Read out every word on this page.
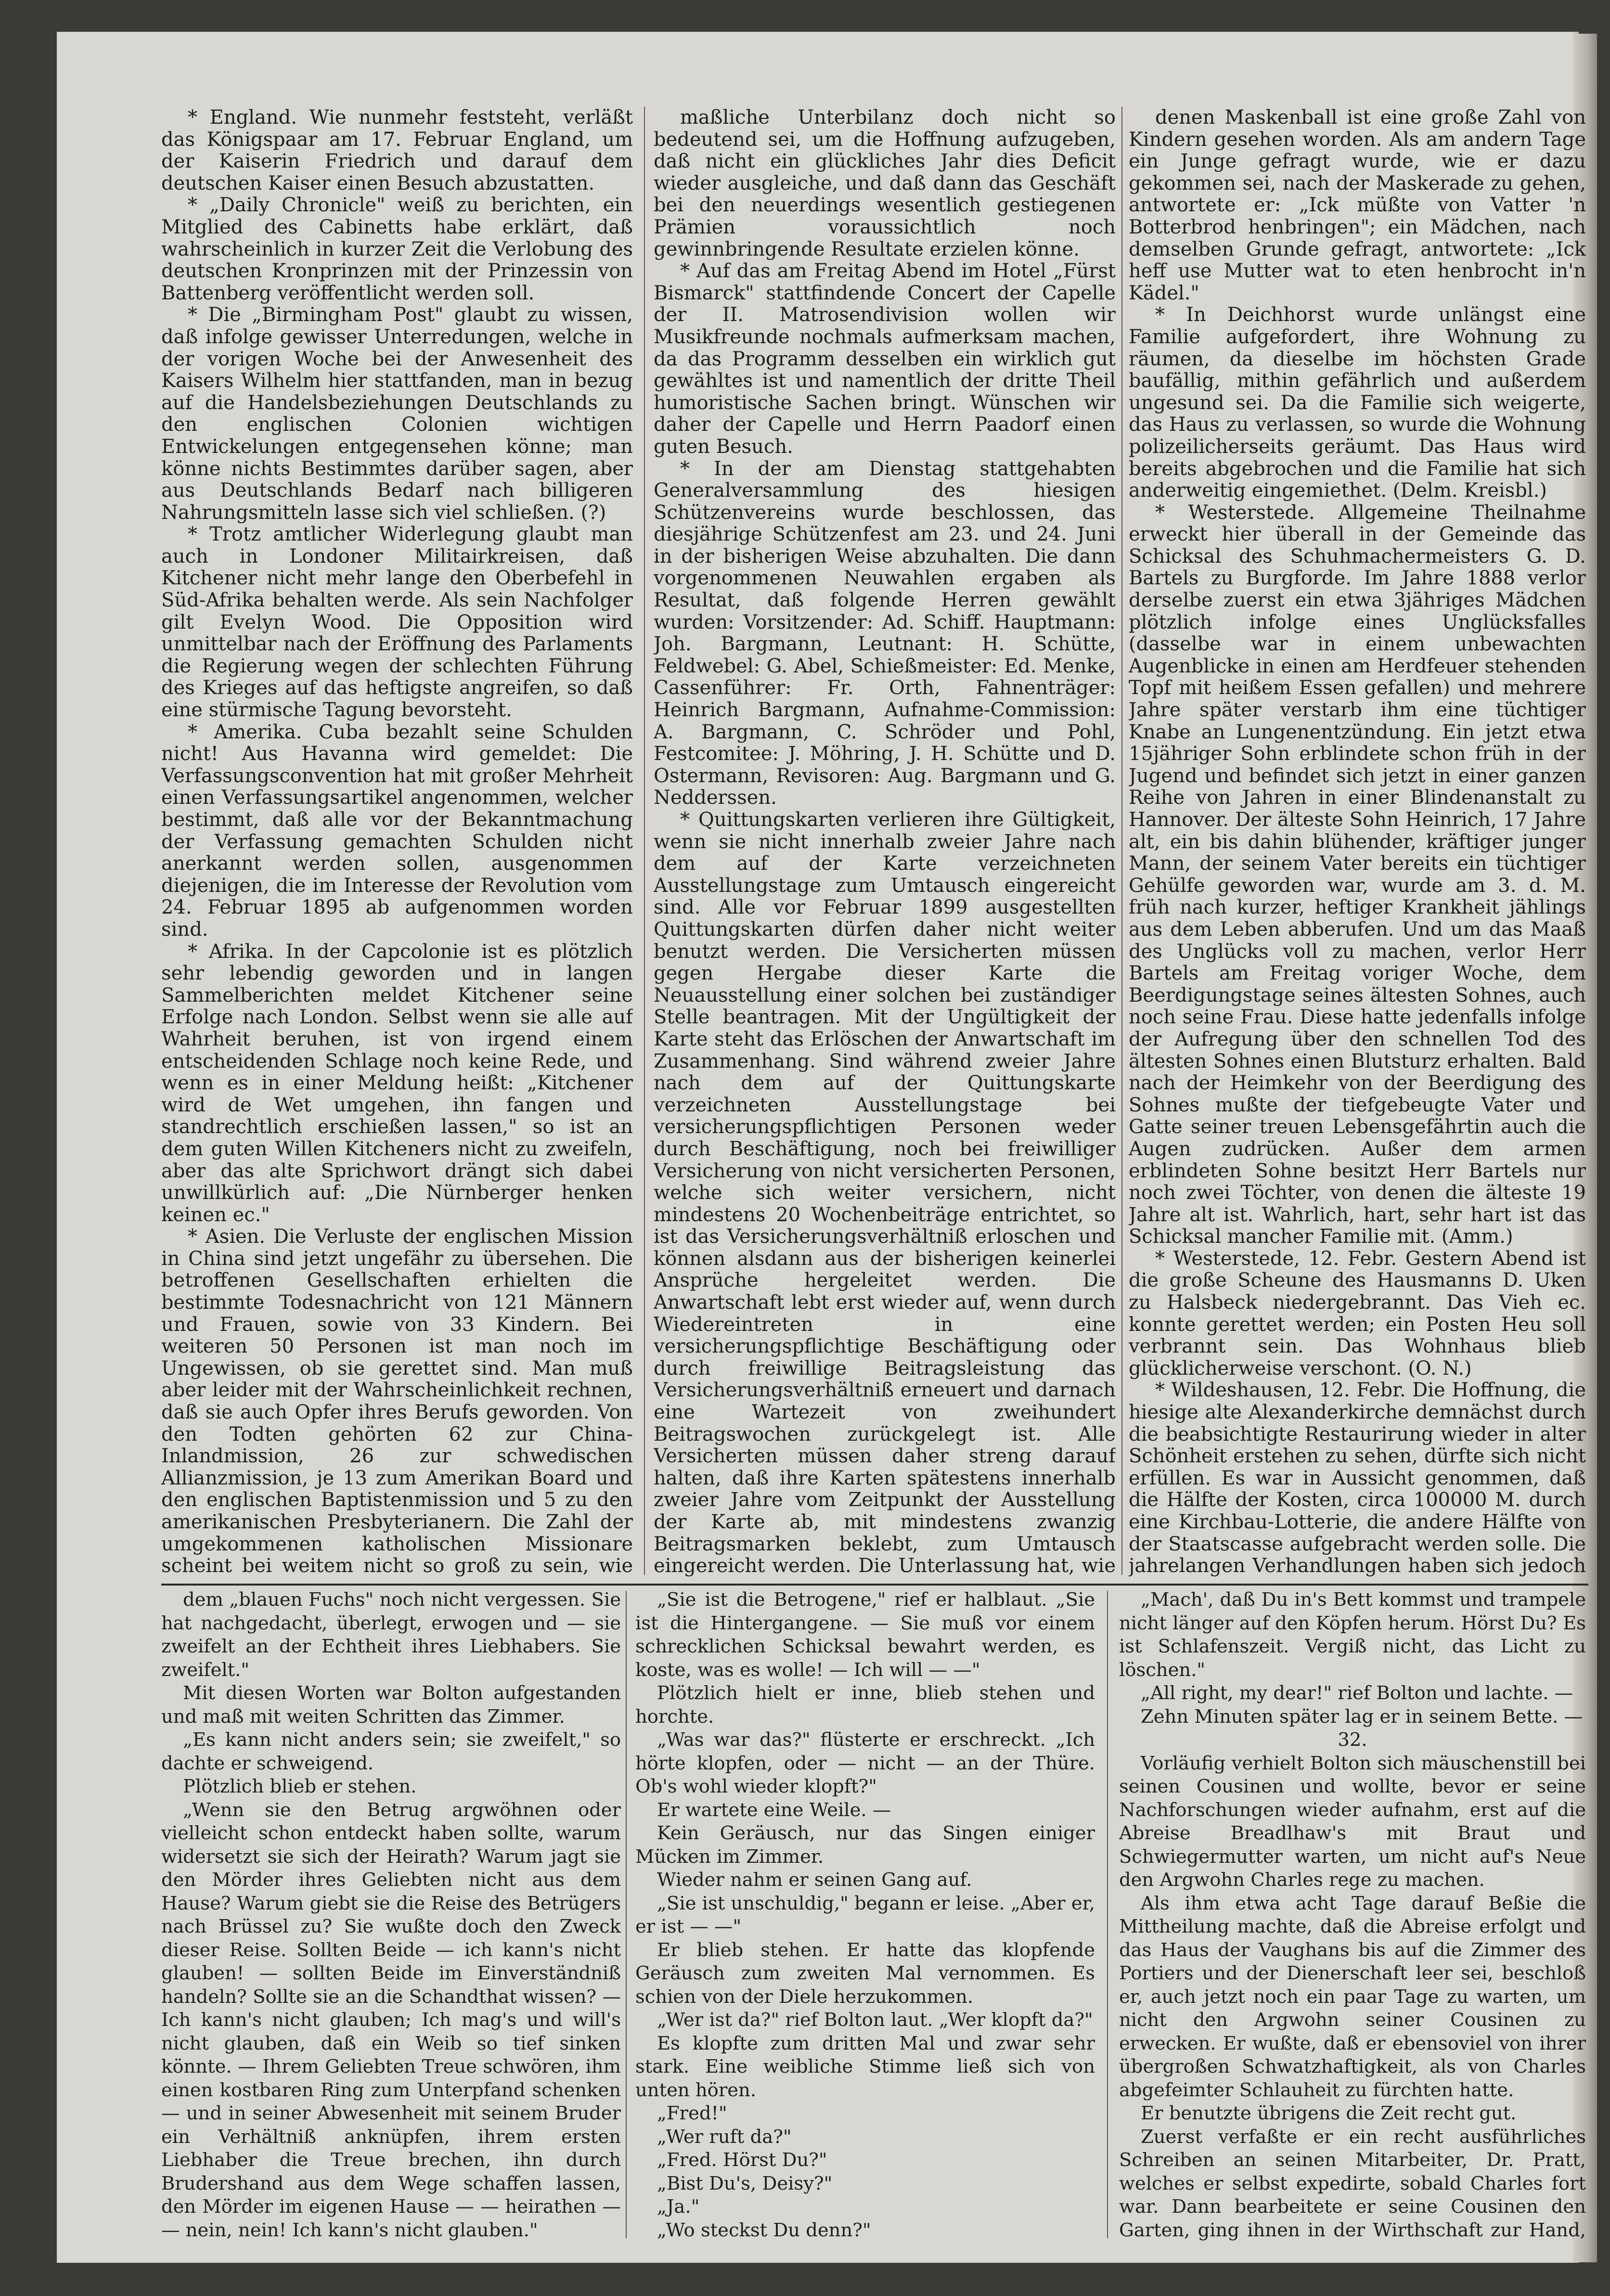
* England. Wie nunmehr feststeht, verläßt das Königspaar am 17. Februar England, um der Kaiserin Friedrich und darauf dem deutschen Kaiser einen Besuch abzustatten.

* „Daily Chronicle" weiß zu berichten, ein Mitglied des Cabinetts habe erklärt, daß wahrscheinlich in kurzer Zeit die Verlobung des deutschen Kronprinzen mit der Prinzessin von Battenberg veröffentlicht werden soll.

* Die „Birmingham Post" glaubt zu wissen, daß infolge gewisser Unterredungen, welche in der vorigen Woche bei der Anwesenheit des Kaisers Wilhelm hier stattfanden, man in bezug auf die Handelsbeziehungen Deutschlands zu den englischen Colonien wichtigen Entwickelungen entgegensehen könne; man könne nichts Bestimmtes darüber sagen, aber aus Deutschlands Bedarf nach billigeren Nahrungsmitteln lasse sich viel schließen. (?)

* Trotz amtlicher Widerlegung glaubt man auch in Londoner Militairkreisen, daß Kitchener nicht mehr lange den Oberbefehl in Süd-Afrika behalten werde. Als sein Nachfolger gilt Evelyn Wood. Die Opposition wird unmittelbar nach der Eröffnung des Parlaments die Regierung wegen der schlechten Führung des Krieges auf das heftigste angreifen, so daß eine stürmische Tagung bevorsteht.

* Amerika. Cuba bezahlt seine Schulden nicht! Aus Havanna wird gemeldet: Die Verfassungsconvention hat mit großer Mehrheit einen Verfassungsartikel angenommen, welcher bestimmt, daß alle vor der Bekanntmachung der Verfassung gemachten Schulden nicht anerkannt werden sollen, ausgenommen diejenigen, die im Interesse der Revolution vom 24. Februar 1895 ab aufgenommen worden sind.

* Afrika. In der Capcolonie ist es plötzlich sehr lebendig geworden und in langen Sammelberichten meldet Kitchener seine Erfolge nach London. Selbst wenn sie alle auf Wahrheit beruhen, ist von irgend einem entscheidenden Schlage noch keine Rede, und wenn es in einer Meldung heißt: „Kitchener wird de Wet umgehen, ihn fangen und standrechtlich erschießen lassen," so ist an dem guten Willen Kitcheners nicht zu zweifeln, aber das alte Sprichwort drängt sich dabei unwillkürlich auf: „Die Nürnberger henken keinen ec."

* Asien. Die Verluste der englischen Mission in China sind jetzt ungefähr zu übersehen. Die betroffenen Gesellschaften erhielten die bestimmte Todesnachricht von 121 Männern und Frauen, sowie von 33 Kindern. Bei weiteren 50 Personen ist man noch im Ungewissen, ob sie gerettet sind. Man muß aber leider mit der Wahrscheinlichkeit rechnen, daß sie auch Opfer ihres Berufs geworden. Von den Todten gehörten 62 zur China-Inlandmission, 26 zur schwedischen Allianzmission, je 13 zum Amerikan Board und den englischen Baptistenmission und 5 zu den amerikanischen Presbyterianern. Die Zahl der umgekommenen katholischen Missionare scheint bei weitem nicht so groß zu sein, wie

maßliche Unterbilanz doch nicht so bedeutend sei, um die Hoffnung aufzugeben, daß nicht ein glückliches Jahr dies Deficit wieder ausgleiche, und daß dann das Geschäft bei den neuerdings wesentlich gestiegenen Prämien voraussichtlich noch gewinnbringende Resultate erzielen könne.

* Auf das am Freitag Abend im Hotel „Fürst Bismarck" stattfindende Concert der Capelle der II. Matrosendivision wollen wir Musikfreunde nochmals aufmerksam machen, da das Programm desselben ein wirklich gut gewähltes ist und namentlich der dritte Theil humoristische Sachen bringt. Wünschen wir daher der Capelle und Herrn Paadorf einen guten Besuch.

* In der am Dienstag stattgehabten Generalversammlung des hiesigen Schützenvereins wurde beschlossen, das diesjährige Schützenfest am 23. und 24. Juni in der bisherigen Weise abzuhalten. Die dann vorgenommenen Neuwahlen ergaben als Resultat, daß folgende Herren gewählt wurden: Vorsitzender: Ad. Schiff. Hauptmann: Joh. Bargmann, Leutnant: H. Schütte, Feldwebel: G. Abel, Schießmeister: Ed. Menke, Cassenführer: Fr. Orth, Fahnenträger: Heinrich Bargmann, Aufnahme-Commission: A. Bargmann, C. Schröder und Pohl, Festcomitee: J. Möhring, J. H. Schütte und D. Ostermann, Revisoren: Aug. Bargmann und G. Nedderssen.

* Quittungskarten verlieren ihre Gültigkeit, wenn sie nicht innerhalb zweier Jahre nach dem auf der Karte verzeichneten Ausstellungstage zum Umtausch eingereicht sind. Alle vor Februar 1899 ausgestellten Quittungskarten dürfen daher nicht weiter benutzt werden. Die Versicherten müssen gegen Hergabe dieser Karte die Neuausstellung einer solchen bei zuständiger Stelle beantragen. Mit der Ungültigkeit der Karte steht das Erlöschen der Anwartschaft im Zusammenhang. Sind während zweier Jahre nach dem auf der Quittungskarte verzeichneten Ausstellungstage bei versicherungspflichtigen Personen weder durch Beschäftigung, noch bei freiwilliger Versicherung von nicht versicherten Personen, welche sich weiter versichern, nicht mindestens 20 Wochenbeiträge entrichtet, so ist das Versicherungsverhältniß erloschen und können alsdann aus der bisherigen keinerlei Ansprüche hergeleitet werden. Die Anwartschaft lebt erst wieder auf, wenn durch Wiedereintreten in eine versicherungspflichtige Beschäftigung oder durch freiwillige Beitragsleistung das Versicherungsverhältniß erneuert und darnach eine Wartezeit von zweihundert Beitragswochen zurückgelegt ist. Alle Versicherten müssen daher streng darauf halten, daß ihre Karten spätestens innerhalb zweier Jahre vom Zeitpunkt der Ausstellung der Karte ab, mit mindestens zwanzig Beitragsmarken beklebt, zum Umtausch eingereicht werden. Die Unterlassung hat, wie

denen Maskenball ist eine große Zahl von Kindern gesehen worden. Als am andern Tage ein Junge gefragt wurde, wie er dazu gekommen sei, nach der Maskerade zu gehen, antwortete er: „Ick müßte von Vatter 'n Botterbrod henbringen"; ein Mädchen, nach demselben Grunde gefragt, antwortete: „Ick heff use Mutter wat to eten henbrocht in'n Kädel."

* In Deichhorst wurde unlängst eine Familie aufgefordert, ihre Wohnung zu räumen, da dieselbe im höchsten Grade baufällig, mithin gefährlich und außerdem ungesund sei. Da die Familie sich weigerte, das Haus zu verlassen, so wurde die Wohnung polizeilicherseits geräumt. Das Haus wird bereits abgebrochen und die Familie hat sich anderweitig eingemiethet. (Delm. Kreisbl.)

* Westerstede. Allgemeine Theilnahme erweckt hier überall in der Gemeinde das Schicksal des Schuhmachermeisters G. D. Bartels zu Burgforde. Im Jahre 1888 verlor derselbe zuerst ein etwa 3jähriges Mädchen plötzlich infolge eines Unglücksfalles (dasselbe war in einem unbewachten Augenblicke in einen am Herdfeuer stehenden Topf mit heißem Essen gefallen) und mehrere Jahre später verstarb ihm eine tüchtiger Knabe an Lungenentzündung. Ein jetzt etwa 15jähriger Sohn erblindete schon früh in der Jugend und befindet sich jetzt in einer ganzen Reihe von Jahren in einer Blindenanstalt zu Hannover. Der älteste Sohn Heinrich, 17 Jahre alt, ein bis dahin blühender, kräftiger junger Mann, der seinem Vater bereits ein tüchtiger Gehülfe geworden war, wurde am 3. d. M. früh nach kurzer, heftiger Krankheit jählings aus dem Leben abberufen. Und um das Maaß des Unglücks voll zu machen, verlor Herr Bartels am Freitag voriger Woche, dem Beerdigungstage seines ältesten Sohnes, auch noch seine Frau. Diese hatte jedenfalls infolge der Aufregung über den schnellen Tod des ältesten Sohnes einen Blutsturz erhalten. Bald nach der Heimkehr von der Beerdigung des Sohnes mußte der tiefgebeugte Vater und Gatte seiner treuen Lebensgefährtin auch die Augen zudrücken. Außer dem armen erblindeten Sohne besitzt Herr Bartels nur noch zwei Töchter, von denen die älteste 19 Jahre alt ist. Wahrlich, hart, sehr hart ist das Schicksal mancher Familie mit. (Amm.)

* Westerstede, 12. Febr. Gestern Abend ist die große Scheune des Hausmanns D. Uken zu Halsbeck niedergebrannt. Das Vieh ec. konnte gerettet werden; ein Posten Heu soll verbrannt sein. Das Wohnhaus blieb glücklicherweise verschont. (O. N.)

* Wildeshausen, 12. Febr. Die Hoffnung, die hiesige alte Alexanderkirche demnächst durch die beabsichtigte Restaurirung wieder in alter Schönheit erstehen zu sehen, dürfte sich nicht erfüllen. Es war in Aussicht genommen, daß die Hälfte der Kosten, circa 100000 M. durch eine Kirchbau-Lotterie, die andere Hälfte von der Staatscasse aufgebracht werden solle. Die jahrelangen Verhandlungen haben sich jedoch

dem „blauen Fuchs" noch nicht vergessen. Sie hat nachgedacht, überlegt, erwogen und — sie zweifelt an der Echtheit ihres Liebhabers. Sie zweifelt."

Mit diesen Worten war Bolton aufgestanden und maß mit weiten Schritten das Zimmer.

„Es kann nicht anders sein; sie zweifelt," so dachte er schweigend.

Plötzlich blieb er stehen.

„Wenn sie den Betrug argwöhnen oder vielleicht schon entdeckt haben sollte, warum widersetzt sie sich der Heirath? Warum jagt sie den Mörder ihres Geliebten nicht aus dem Hause? Warum giebt sie die Reise des Betrügers nach Brüssel zu? Sie wußte doch den Zweck dieser Reise. Sollten Beide — ich kann's nicht glauben! — sollten Beide im Einverständniß handeln? Sollte sie an die Schandthat wissen? — Ich kann's nicht glauben; Ich mag's und will's nicht glauben, daß ein Weib so tief sinken könnte. — Ihrem Geliebten Treue schwören, ihm einen kostbaren Ring zum Unterpfand schenken — und in seiner Abwesenheit mit seinem Bruder ein Verhältniß anknüpfen, ihrem ersten Liebhaber die Treue brechen, ihn durch Brudershand aus dem Wege schaffen lassen, den Mörder im eigenen Hause — — heirathen — — nein, nein! Ich kann's nicht glauben."

„Sie ist die Betrogene," rief er halblaut. „Sie ist die Hintergangene. — Sie muß vor einem schrecklichen Schicksal bewahrt werden, es koste, was es wolle! — Ich will — —"

Plötzlich hielt er inne, blieb stehen und horchte.

„Was war das?" flüsterte er erschreckt. „Ich hörte klopfen, oder — nicht — an der Thüre. Ob's wohl wieder klopft?"

Er wartete eine Weile. —

Kein Geräusch, nur das Singen einiger Mücken im Zimmer.

Wieder nahm er seinen Gang auf.

„Sie ist unschuldig," begann er leise. „Aber er, er ist — —"

Er blieb stehen. Er hatte das klopfende Geräusch zum zweiten Mal vernommen. Es schien von der Diele herzukommen.

„Wer ist da?" rief Bolton laut. „Wer klopft da?"

Es klopfte zum dritten Mal und zwar sehr stark. Eine weibliche Stimme ließ sich von unten hören.

„Fred!"

„Wer ruft da?"

„Fred. Hörst Du?"

„Bist Du's, Deisy?"

„Ja."

„Wo steckst Du denn?"

„Mach', daß Du in's Bett kommst und trampele nicht länger auf den Köpfen herum. Hörst Du? Es ist Schlafenszeit. Vergiß nicht, das Licht zu löschen."

„All right, my dear!" rief Bolton und lachte. —

Zehn Minuten später lag er in seinem Bette. —

32.

Vorläufig verhielt Bolton sich mäuschenstill bei seinen Cousinen und wollte, bevor er seine Nachforschungen wieder aufnahm, erst auf die Abreise Breadlhaw's mit Braut und Schwiegermutter warten, um nicht auf's Neue den Argwohn Charles rege zu machen.

Als ihm etwa acht Tage darauf Beßie die Mittheilung machte, daß die Abreise erfolgt und das Haus der Vaughans bis auf die Zimmer des Portiers und der Dienerschaft leer sei, beschloß er, auch jetzt noch ein paar Tage zu warten, um nicht den Argwohn seiner Cousinen zu erwecken. Er wußte, daß er ebensoviel von ihrer übergroßen Schwatzhaftigkeit, als von Charles abgefeimter Schlauheit zu fürchten hatte.

Er benutzte übrigens die Zeit recht gut.

Zuerst verfaßte er ein recht ausführliches Schreiben an seinen Mitarbeiter, Dr. Pratt, welches er selbst expedirte, sobald Charles fort war. Dann bearbeitete er seine Cousinen den Garten, ging ihnen in der Wirthschaft zur Hand,
